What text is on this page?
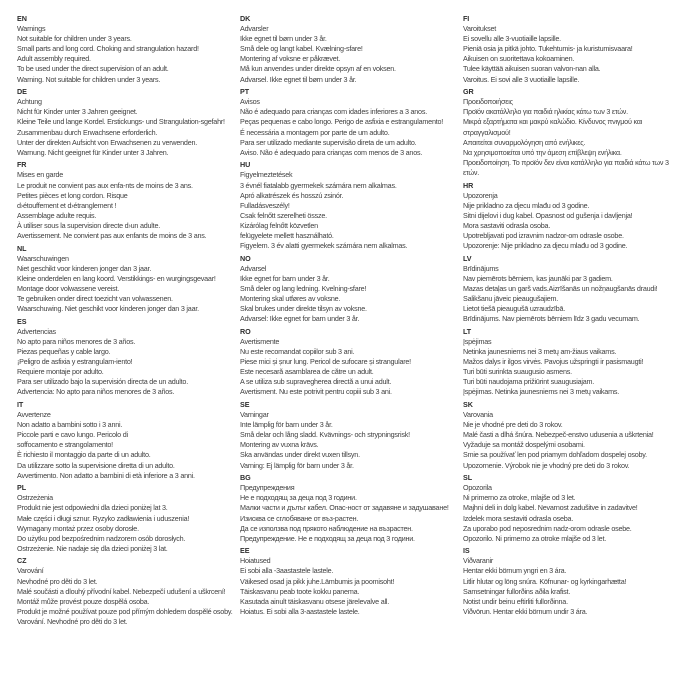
EN
Warnings
Not suitable for children under 3 years.
Small parts and long cord. Choking and strangulation hazard!
Adult assembly required.
To be used under the direct supervision of an adult.
Warning. Not suitable for children under 3 years.
DE
Achtung
Nicht für Kinder unter 3 Jahren geeignet.
Kleine Teile und lange Kordel. Erstickungs- und Strangulation-sgefahr!
Zusammenbau durch Erwachsene erforderlich.
Unter der direkten Aufsicht von Erwachsenen zu verwenden.
Warnung. Nicht geeignet für Kinder unter 3 Jahren.
FR
Mises en garde
Le produit ne convient pas aux enfa-nts de moins de 3 ans.
Petites pièces et long cordon. Risque
d›étouffement et d›étranglement !
Assemblage adulte requis.
À utiliser sous la supervision directe d›un adulte.
Avertissement. Ne convient pas aux enfants de moins de 3 ans.
NL
Waarschuwingen
Niet geschikt voor kinderen jonger dan 3 jaar.
Kleine onderdelen en lang koord. Verstikkings- en wurgingsgevaar!
Montage door volwassene vereist.
Te gebruiken onder direct toezicht van volwassenen.
Waarschuwing. Niet geschikt voor kinderen jonger dan 3 jaar.
ES
Advertencias
No apto para niños menores de 3 años.
Piezas pequeñas y cable largo.
¡Peligro de asfixia y estrangulam-iento!
Requiere montaje por adulto.
Para ser utilizado bajo la supervisión directa de un adulto.
Advertencia: No apto para niños menores de 3 años.
IT
Avvertenze
Non adatto a bambini sotto i 3 anni.
Piccole parti e cavo lungo. Pericolo di
soffocamento e strangolamento!
È richiesto il montaggio da parte di un adulto.
Da utilizzare sotto la supervisione diretta di un adulto.
Avvertimento. Non adatto a bambini di età inferiore a 3 anni.
PL
Ostrzeżenia
Produkt nie jest odpowiedni dla dzieci poniżej lat 3.
Małe części i długi sznur. Ryzyko zadławienia i uduszenia!
Wymagany montaż przez osoby dorosłe.
Do użytku pod bezpośrednim nadzorem osób dorosłych.
Ostrzeżenie. Nie nadaje się dla dzieci poniżej 3 lat.
CZ
Varování
Nevhodné pro děti do 3 let.
Malé součásti a dlouhý přívodní kabel. Nebezpečí udušení a uškrcení!
Montáž může provést pouze dospělá osoba.
Produkt je možné používat pouze pod přímým dohledem dospělé osoby.
Varování. Nevhodné pro děti do 3 let.
DK
Advarsler
Ikke egnet til børn under 3 år.
Små dele og langt kabel. Kvælning-sfare!
Montering af voksne er påkrævet.
Må kun anvendes under direkte opsyn af en voksen.
Advarsel. Ikke egnet til børn under 3 år.
PT
Avisos
Não é adequado para crianças com idades inferiores a 3 anos.
Peças pequenas e cabo longo. Perigo de asfixia e estrangulamento!
É necessária a montagem por parte de um adulto.
Para ser utilizado mediante supervisão direta de um adulto.
Aviso. Não é adequado para crianças com menos de 3 anos.
HU
Figyelmeztetések
3 évnél fiatalabb gyermekek számára nem alkalmas.
Apró alkatrészek és hosszú zsinór.
Fulladásveszély!
Csak felnőtt szerelheti össze.
Kizárólag felnőtt közvetlen
felügyelete mellett használható.
Figyelem. 3 év alatti gyermekek számára nem alkalmas.
NO
Advarsel
Ikke egnet for barn under 3 år.
Små deler og lang ledning. Kvelning-sfare!
Montering skal utføres av voksne.
Skal brukes under direkte tilsyn av voksne.
Advarsel: Ikke egnet for barn under 3 år.
RO
Avertismente
Nu este recomandat copiilor sub 3 ani.
Piese mici și șnur lung. Pericol de sufocare și strangulare!
Este necesară asamblarea de către un adult.
A se utiliza sub supravegherea directă a unui adult.
Avertisment. Nu este potrivit pentru copiii sub 3 ani.
SE
Varningar
Inte lämplig för barn under 3 år.
Små delar och lång sladd. Kvävnings- och strypningsrisk!
Montering av vuxna krävs.
Ska användas under direkt vuxen tillsyn.
Varning: Ej lämplig för barn under 3 år.
BG
Предупреждения
Не е подходящ за деца под 3 години.
Малки части и дълъг кабел. Опас-ност от задавяне и задушаване!
Изисква се сглобяване от въз-растен.
Да се използва под прякото наблюдение на възрастен.
Предупреждение. Не е подходящ за деца под 3 години.
EE
Hoiatused
Ei sobi alla -3aastastele lastele.
Väikesed osad ja pikk juhe.Lämbumis ja poomisoht!
Täiskasvanu peab toote kokku panema.
Kasutada ainult täiskasvanu otsese järelevalve all.
Hoiatus. Ei sobi alla 3-aastastele lastele.
FI
Varoitukset
Ei sovellu alle 3-vuotiaille lapsille.
Pieniä osia ja pitkä johto. Tukehtumis- ja kuristumisvaara!
Aikuisen on suoritettava kokoaminen.
Tulee käyttää aikuisen suoran valvon-nan alla.
Varoitus. Ei sovi alle 3 vuotiaille lapsille.
GR
Προειδοποιήσεις
Προϊόν ακατάλληλο για παιδιά ηλικίας κάτω των 3 ετών.
Μικρά εξαρτήματα και μακρύ καλώδιο. Κίνδυνος πνιγμού και
στραγγαλισμού!
Απαιτείται συναρμολόγηση από ενήλικες.
Να χρησιμοποιείται υπό την άμεση επίβλεψη ενήλικα.
Προειδοποίηση. Το προϊόν δεν είναι κατάλληλο για παιδιά κάτω των 3
ετών.
HR
Upozorenja
Nije prikladno za djecu mlađu od 3 godine.
Sitni dijelovi i dug kabel. Opasnost od gušenja i davljenja!
Mora sastaviti odrasla osoba.
Upotrebljavati pod izravnim nadzor-om odrasle osobe.
Upozorenje: Nije prikladno za djecu mlađu od 3 godine.
LV
Brīdinājums
Nav piemērots bērniem, kas jaunāki par 3 gadiem.
Mazas detaļas un garš vads.Aizrīšanās un nožņaugšanās draudi!
Salikšanu jāveic pieaugušajiem.
Lietot tiešā pieaugušā uzraudzībā.
Brīdinājums. Nav piemērots bērniem līdz 3 gadu vecumam.
LT
Įspėjimas
Netinka jaunesniems nei 3 metų am-žiaus vaikams.
Mažos dalys ir ilgos virvės. Pavojus užspringti ir pasismaugti!
Turi būti surinkta suaugusio asmens.
Turi būti naudojama prižiūrint suaugusiajam.
Įspėjimas. Netinka jaunesniems nei 3 metų vaikams.
SK
Varovania
Nie je vhodné pre deti do 3 rokov.
Malé časti a dlhá šnúra. Nebezpeč-enstvo udusenia a uškrtenia!
Vyžaduje sa montáž dospelými osobami.
Smie sa používať len pod priamym dohľadom dospelej osoby.
Upozornenie. Výrobok nie je vhodný pre deti do 3 rokov.
SL
Opozorila
Ni primerno za otroke, mlajše od 3 let.
Majhni deli in dolg kabel. Nevarnost zadušitve in zadavitve!
Izdelek mora sestaviti odrasla oseba.
Za uporabo pod neposrednim nadz-orom odrasle osebe.
Opozorilo. Ni primerno za otroke mlajše od 3 let.
IS
Viðvaranir
Hentar ekki börnum yngri en 3 ára.
Litlir hlutar og löng snúra. Köfnunar- og kyrkingarhætta!
Samsetningar fullorðins aðila krafist.
Notist undir beinu eftirliti fullorðinna.
Viðvörun. Hentar ekki börnum undir 3 ára.
